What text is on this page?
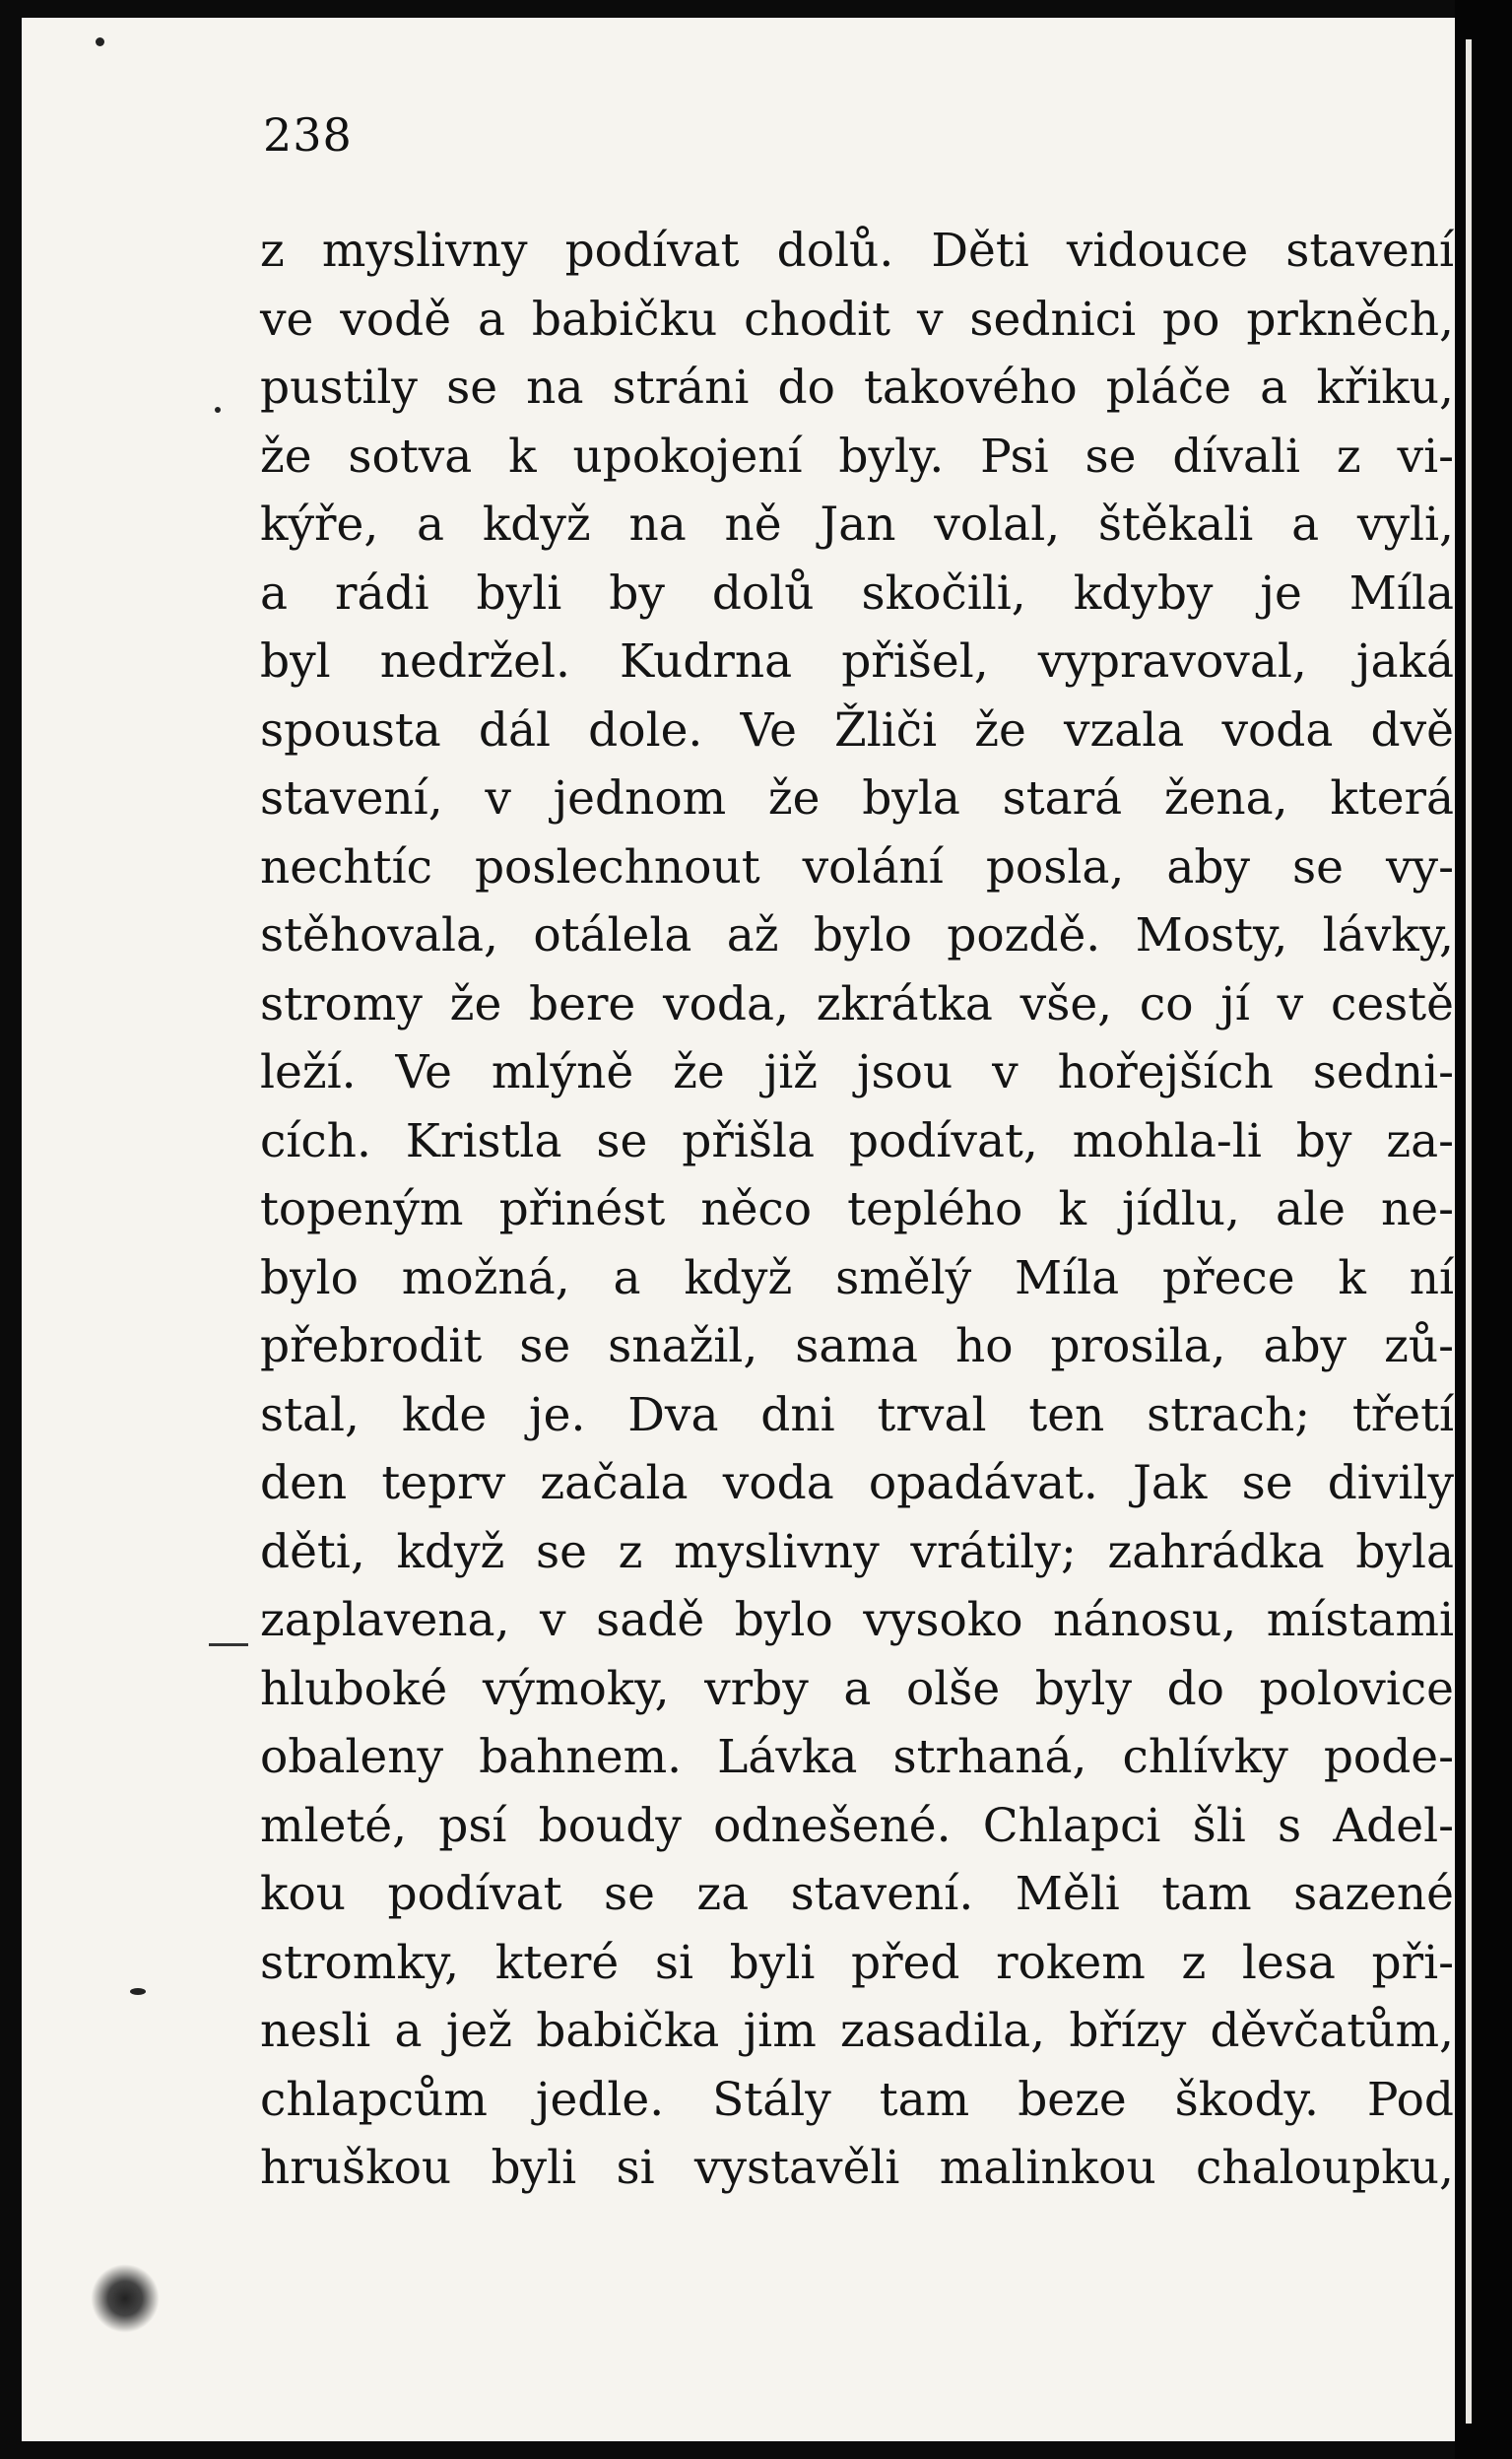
238
z myslivny podívat dolů. Děti vidouce stavení
ve vodě a babičku chodit v sednici po prkněch,
pustily se na stráni do takového pláče a křiku,
že sotva k upokojení byly. Psi se dívali z vi-
kýře, a když na ně Jan volal, štěkali a vyli,
a rádi byli by dolů skočili, kdyby je Míla
byl nedržel. Kudrna přišel, vypravoval, jaká
spousta dál dole. Ve Žliči že vzala voda dvě
stavení, v jednom že byla stará žena, která
nechtíc poslechnout volání posla, aby se vy-
stěhovala, otálela až bylo pozdě. Mosty, lávky,
stromy že bere voda, zkrátka vše, co jí v cestě
leží. Ve mlýně že již jsou v hořejších sedni-
cích. Kristla se přišla podívat, mohla-li by za-
topeným přinést něco teplého k jídlu, ale ne-
bylo možná, a když smělý Míla přece k ní
přebrodit se snažil, sama ho prosila, aby zů-
stal, kde je. Dva dni trval ten strach; třetí
den teprv začala voda opadávat. Jak se divily
děti, když se z myslivny vrátily; zahrádka byla
zaplavena, v sadě bylo vysoko nánosu, místami
hluboké výmoky, vrby a olše byly do polovice
obaleny bahnem. Lávka strhaná, chlívky pode-
mleté, psí boudy odnešené. Chlapci šli s Adel-
kou podívat se za stavení. Měli tam sazené
stromky, které si byli před rokem z lesa při-
nesli a jež babička jim zasadila, břízy děvčatům,
chlapcům jedle. Stály tam beze škody. Pod
hruškou byli si vystavěli malinkou chaloupku,
